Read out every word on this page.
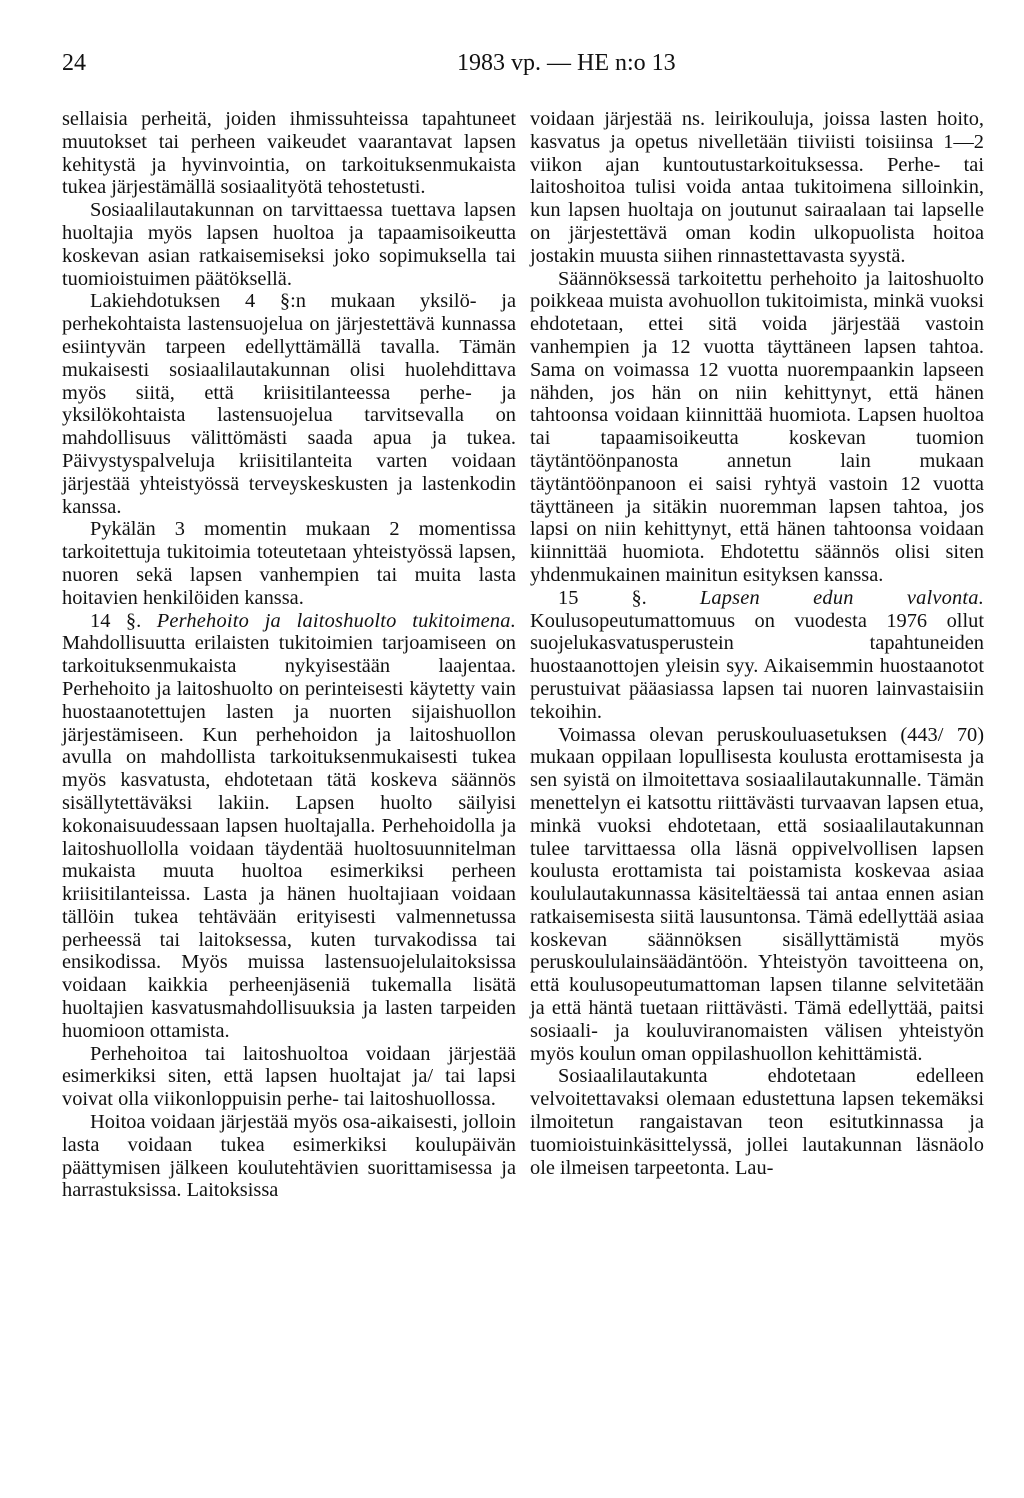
24	1983 vp. — HE n:o 13

sellaisia perheitä, joiden ihmissuhteissa tapahtuneet muutokset tai perheen vaikeudet vaarantavat lapsen kehitystä ja hyvinvointia, on tarkoituksenmukaista tukea järjestämällä sosiaalityötä tehostetusti.

Sosiaalilautakunnan on tarvittaessa tuettava lapsen huoltajia myös lapsen huoltoa ja tapaamisoikeutta koskevan asian ratkaisemiseksi joko sopimuksella tai tuomioistuimen päätöksellä.

Lakiehdotuksen 4 §:n mukaan yksilö- ja perhekohtaista lastensuojelua on järjestettävä kunnassa esiintyvän tarpeen edellyttämällä tavalla. Tämän mukaisesti sosiaalilautakunnan olisi huolehdittava myös siitä, että kriisitilanteessa perhe- ja yksilökohtaista lastensuojelua tarvitsevalla on mahdollisuus välittömästi saada apua ja tukea. Päivystyspalveluja kriisitilanteita varten voidaan järjestää yhteistyössä terveyskeskusten ja lastenkodin kanssa.

Pykälän 3 momentin mukaan 2 momentissa tarkoitettuja tukitoimia toteutetaan yhteistyössä lapsen, nuoren sekä lapsen vanhempien tai muita lasta hoitavien henkilöiden kanssa.

14 §. Perhehoito ja laitoshuolto tukitoimena. Mahdollisuutta erilaisten tukitoimien tarjoamiseen on tarkoituksenmukaista nykyisestään laajentaa. Perhehoito ja laitoshuolto on perinteisesti käytetty vain huostaanotettujen lasten ja nuorten sijaishuollon järjestämiseen. Kun perhehoidon ja laitoshuollon avulla on mahdollista tarkoituksenmukaisesti tukea myös kasvatusta, ehdotetaan tätä koskeva säännös sisällytettäväksi lakiin. Lapsen huolto säilyisi kokonaisuudessaan lapsen huoltajalla. Perhehoidolla ja laitoshuollolla voidaan täydentää huoltosuunnitelman mukaista muuta huoltoa esimerkiksi perheen kriisitilanteissa. Lasta ja hänen huoltajiaan voidaan tällöin tukea tehtävään erityisesti valmennetussa perheessä tai laitoksessa, kuten turvakodissa tai ensikodissa. Myös muissa lastensuojelulaitoksissa voidaan kaikkia perheenjäseniä tukemalla lisätä huoltajien kasvatusmahdollisuuksia ja lasten tarpeiden huomioon ottamista.

Perhehoitoa tai laitoshuoltoa voidaan järjestää esimerkiksi siten, että lapsen huoltajat ja/ tai lapsi voivat olla viikonloppuisin perhe- tai laitoshuollossa.

Hoitoa voidaan järjestää myös osa-aikaisesti, jolloin lasta voidaan tukea esimerkiksi koulupäivän päättymisen jälkeen koulutehtävien suorittamisessa ja harrastuksissa. Laitoksissa

voidaan järjestää ns. leirikouluja, joissa lasten hoito, kasvatus ja opetus nivelletään tiiviisti toisiinsa 1—2 viikon ajan kuntoutustarkoituksessa. Perhe- tai laitoshoitoa tulisi voida antaa tukitoimena silloinkin, kun lapsen huoltaja on joutunut sairaalaan tai lapselle on järjestettävä oman kodin ulkopuolista hoitoa jostakin muusta siihen rinnastettavasta syystä.

Säännöksessä tarkoitettu perhehoito ja laitoshuolto poikkeaa muista avohuollon tukitoimista, minkä vuoksi ehdotetaan, ettei sitä voida järjestää vastoin vanhempien ja 12 vuotta täyttäneen lapsen tahtoa. Sama on voimassa 12 vuotta nuorempaankin lapseen nähden, jos hän on niin kehittynyt, että hänen tahtoonsa voidaan kiinnittää huomiota. Lapsen huoltoa tai tapaamisoikeutta koskevan tuomion täytäntöönpanosta annetun lain mukaan täytäntöönpanoon ei saisi ryhtyä vastoin 12 vuotta täyttäneen ja sitäkin nuoremman lapsen tahtoa, jos lapsi on niin kehittynyt, että hänen tahtoonsa voidaan kiinnittää huomiota. Ehdotettu säännös olisi siten yhdenmukainen mainitun esityksen kanssa.

15 §.	Lapsen edun valvonta. Koulusopeutumattomuus on vuodesta 1976 ollut suojelukasvatusperustein tapahtuneiden huostaanottojen yleisin syy. Aikaisemmin huostaanotot perustuivat pääasiassa lapsen tai nuoren lainvastaisiin tekoihin.

Voimassa olevan peruskouluasetuksen (443/ 70) mukaan oppilaan lopullisesta koulusta erottamisesta ja sen syistä on ilmoitettava sosiaalilautakunnalle. Tämän menettelyn ei katsottu riittävästi turvaavan lapsen etua, minkä vuoksi ehdotetaan, että sosiaalilautakunnan tulee tarvittaessa olla läsnä oppivelvollisen lapsen koulusta erottamista tai poistamista koskevaa asiaa koululautakunnassa käsiteltäessä tai antaa ennen asian ratkaisemisesta siitä lausuntonsa. Tämä edellyttää asiaa koskevan säännöksen sisällyttämistä myös peruskoululainsäädäntöön. Yhteistyön tavoitteena on, että koulusopeutumattoman lapsen tilanne selvitetään ja että häntä tuetaan riittävästi. Tämä edellyttää, paitsi sosiaali- ja kouluviranomaisten välisen yhteistyön myös koulun oman oppilashuollon kehittämistä.

Sosiaalilautakunta ehdotetaan edelleen velvoitettavaksi olemaan edustettuna lapsen tekemäksi ilmoitetun rangaistavan teon esitutkinnassa ja tuomioistuinkäsittelyssä, jollei lautakunnan läsnäolo ole ilmeisen tarpeetonta. Lau-
